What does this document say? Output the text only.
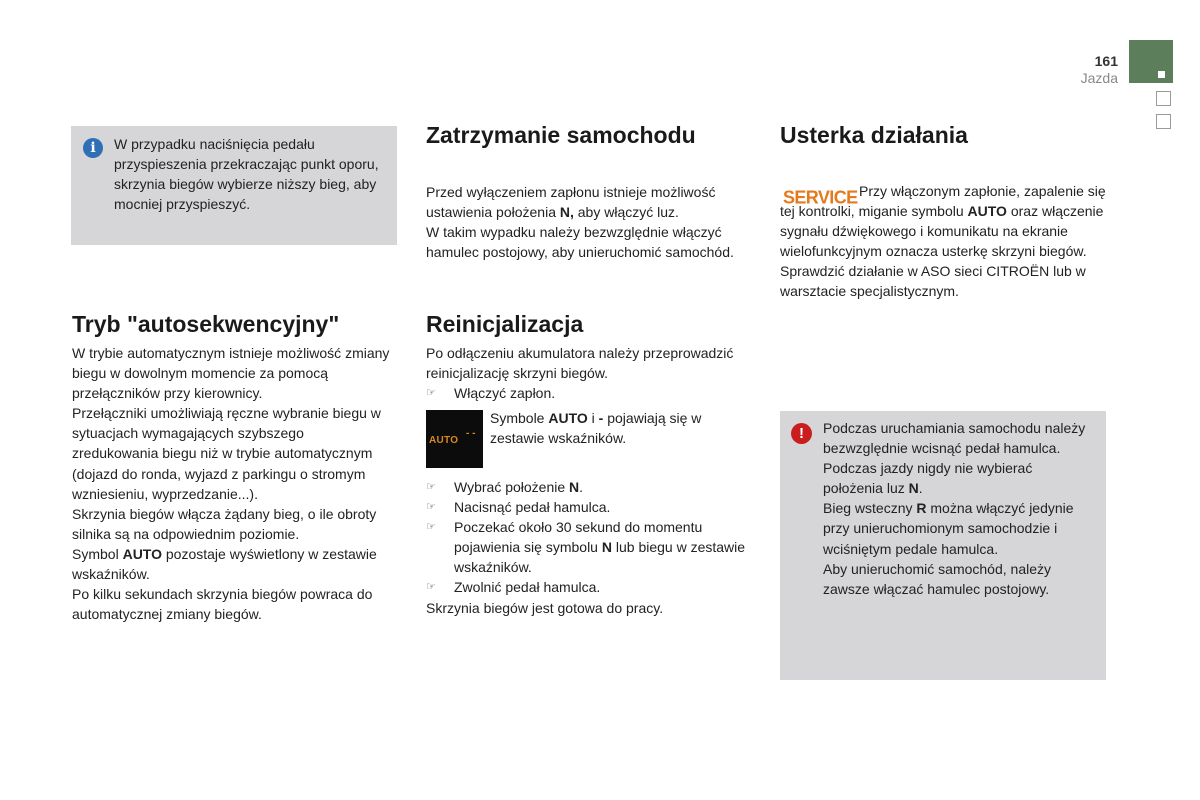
161
Jazda
i	W przypadku naciśnięcia pedału przyspieszenia przekraczając punkt oporu, skrzynia biegów wybierze niższy bieg, aby mocniej przyspieszyć.
Tryb "autosekwencyjny"
W trybie automatycznym istnieje możliwość zmiany biegu w dowolnym momencie za pomocą przełączników przy kierownicy.
Przełączniki umożliwiają ręczne wybranie biegu w sytuacjach wymagających szybszego zredukowania biegu niż w trybie automatycznym (dojazd do ronda, wyjazd z parkingu o stromym wzniesieniu, wyprzedzanie...).
Skrzynia biegów włącza żądany bieg, o ile obroty silnika są na odpowiednim poziomie.
Symbol AUTO pozostaje wyświetlony w zestawie wskaźników.
Po kilku sekundach skrzynia biegów powraca do automatycznej zmiany biegów.
Zatrzymanie samochodu
Przed wyłączeniem zapłonu istnieje możliwość ustawienia położenia N, aby włączyć luz.
W takim wypadku należy bezwzględnie włączyć hamulec postojowy, aby unieruchomić samochód.
Reinicjalizacja
Po odłączeniu akumulatora należy przeprowadzić reinicjalizację skrzyni biegów.
☞ Włączyć zapłon.
AUTO
- -
Symbole AUTO i - pojawiają się w zestawie wskaźników.
☞ Wybrać położenie N.
☞ Nacisnąć pedał hamulca.
☞ Poczekać około 30 sekund do momentu pojawienia się symbolu N lub biegu w zestawie wskaźników.
☞ Zwolnić pedał hamulca.
Skrzynia biegów jest gotowa do pracy.
Usterka działania
SERVICE Przy włączonym zapłonie, zapalenie się tej kontrolki, miganie symbolu AUTO oraz włączenie sygnału dźwiękowego i komunikatu na ekranie wielofunkcyjnym oznacza usterkę skrzyni biegów. Sprawdzić działanie w ASO sieci CITROËN lub w warsztacie specjalistycznym.
!	Podczas uruchamiania samochodu należy bezwzględnie wcisnąć pedał hamulca.
Podczas jazdy nigdy nie wybierać położenia luz N.
Bieg wsteczny R można włączyć jedynie przy unieruchomionym samochodzie i wciśniętym pedale hamulca.
Aby unieruchomić samochód, należy zawsze włączać hamulec postojowy.
